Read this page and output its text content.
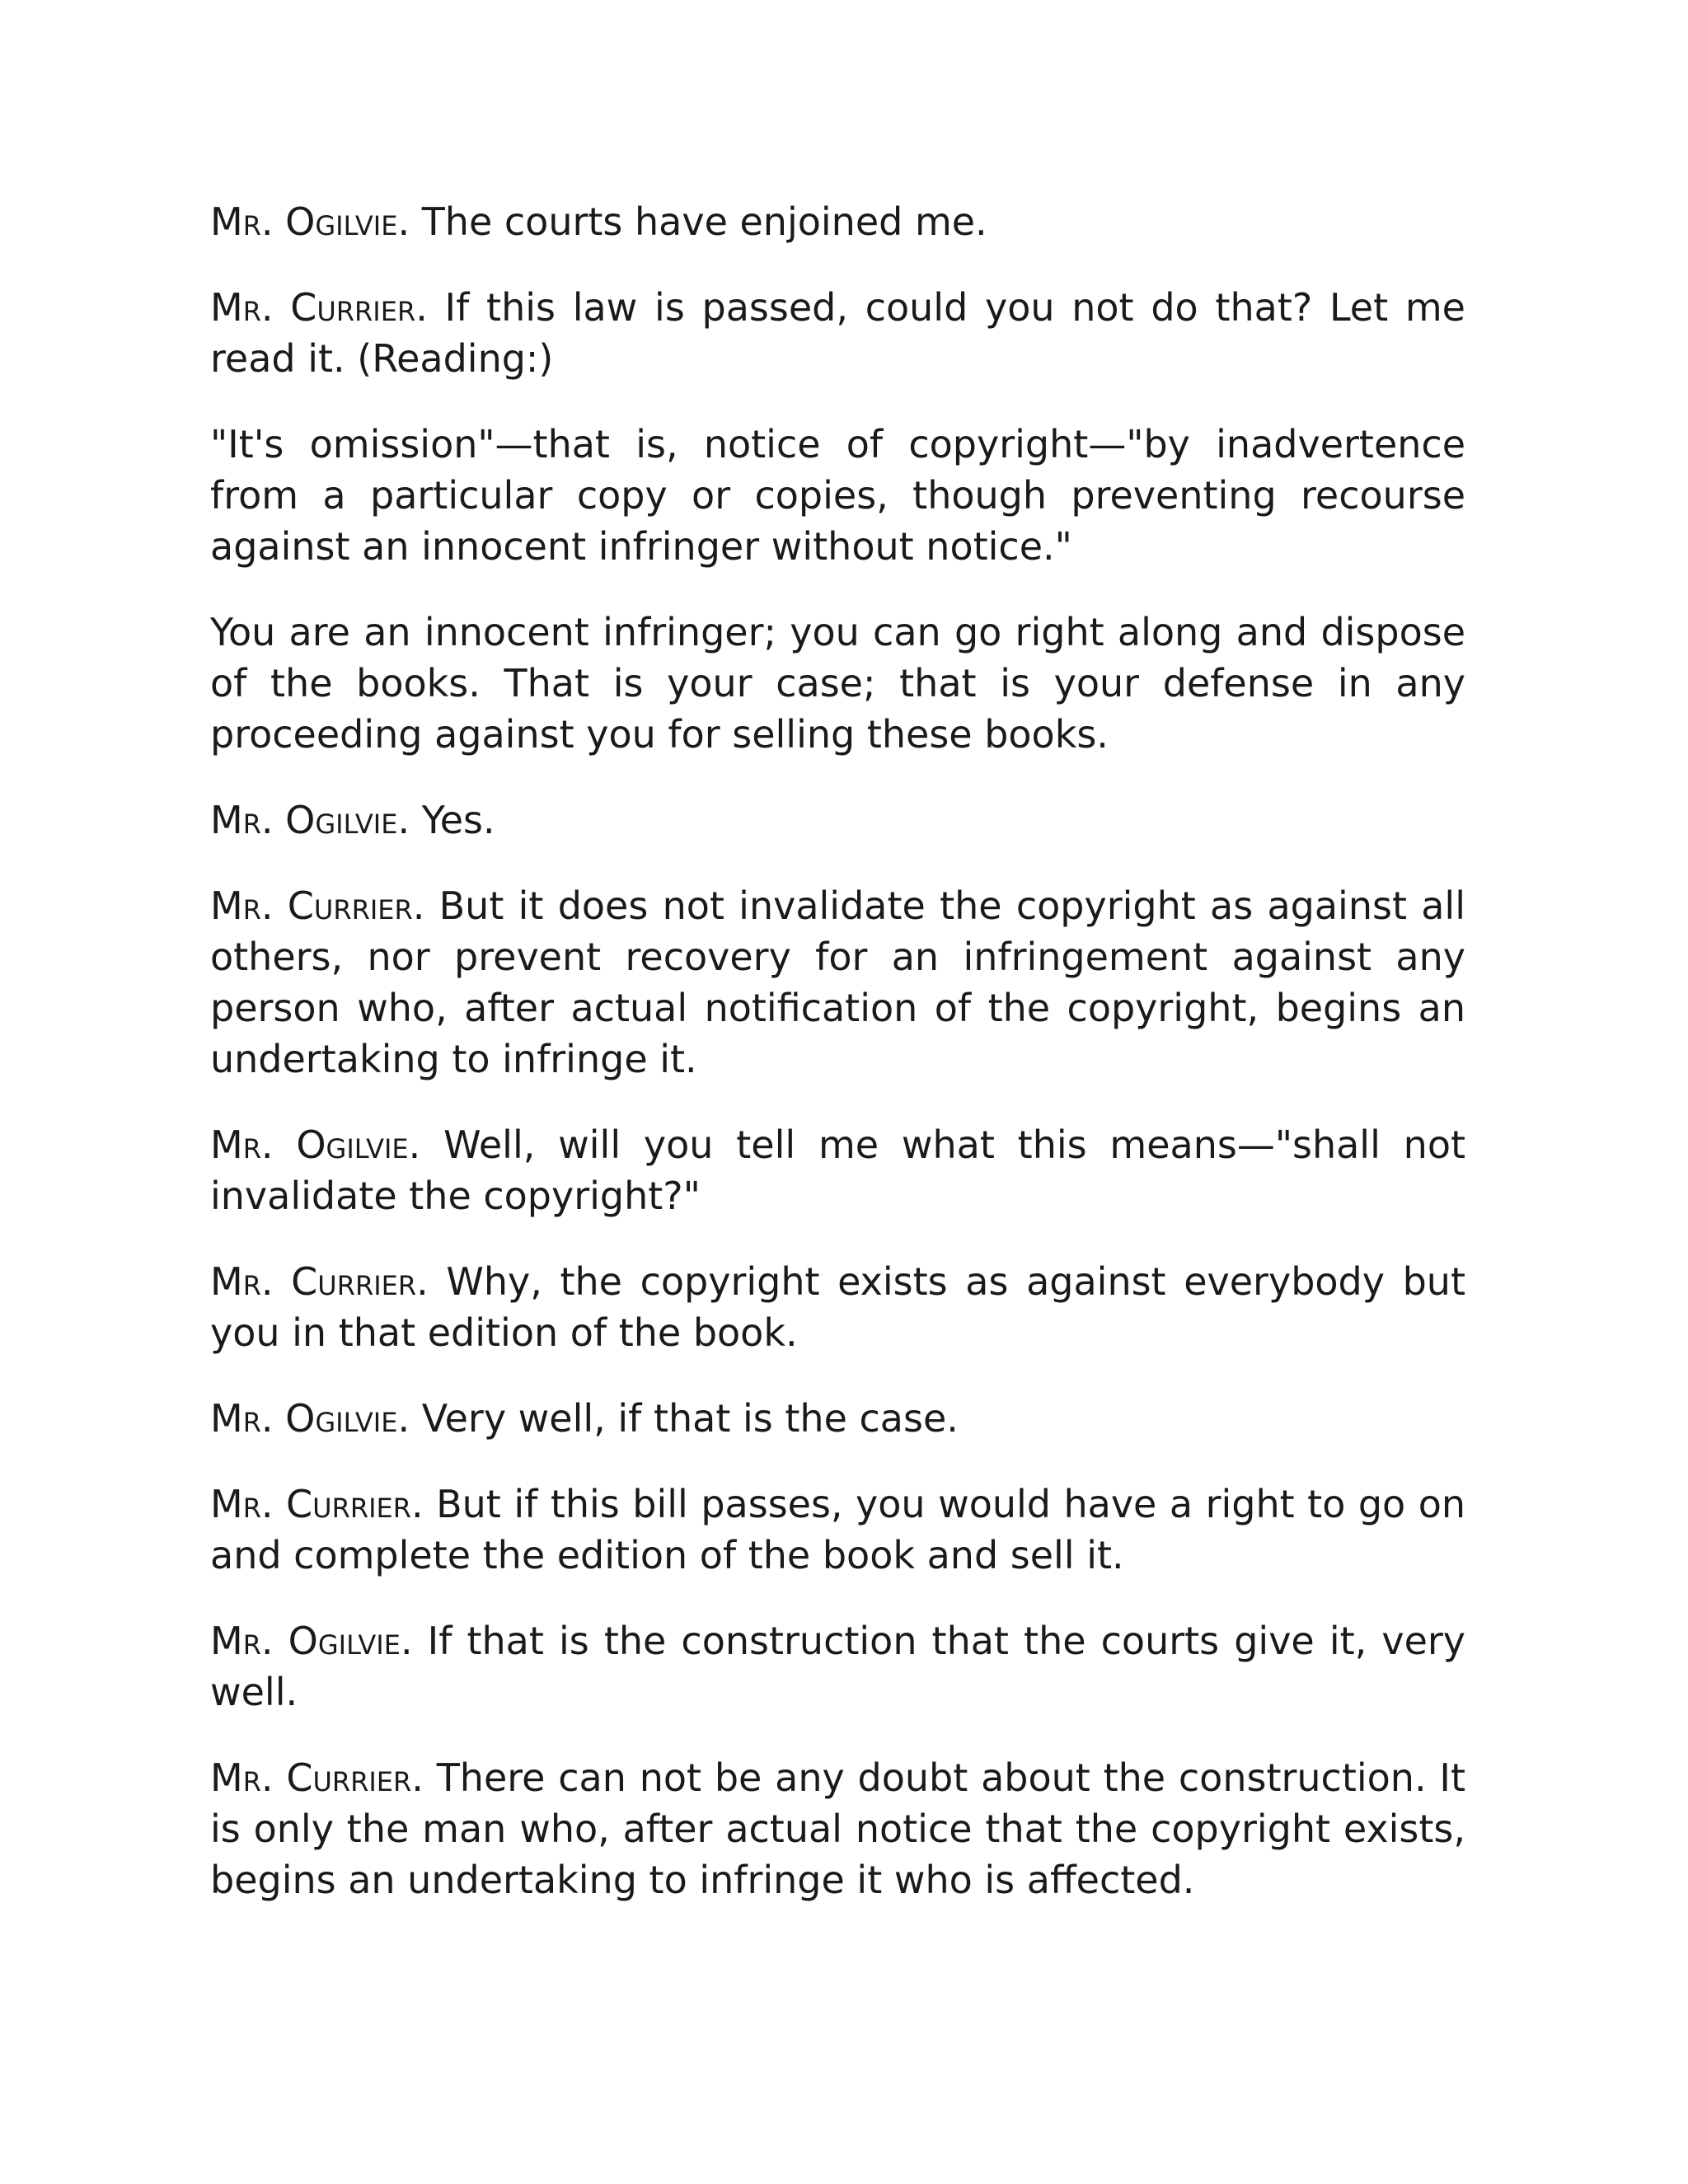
Mr. Ogilvie. The courts have enjoined me.

Mr. Currier. If this law is passed, could you not do that? Let me read it. (Reading:)

"It's omission"—that is, notice of copyright—"by inadvertence from a particular copy or copies, though preventing recourse against an innocent infringer without notice."

You are an innocent infringer; you can go right along and dispose of the books. That is your case; that is your defense in any proceeding against you for selling these books.

Mr. Ogilvie. Yes.

Mr. Currier. But it does not invalidate the copyright as against all others, nor prevent recovery for an infringement against any person who, after actual notification of the copyright, begins an undertaking to infringe it.

Mr. Ogilvie. Well, will you tell me what this means—"shall not invalidate the copyright?"

Mr. Currier. Why, the copyright exists as against everybody but you in that edition of the book.

Mr. Ogilvie. Very well, if that is the case.

Mr. Currier. But if this bill passes, you would have a right to go on and complete the edition of the book and sell it.

Mr. Ogilvie. If that is the construction that the courts give it, very well.

Mr. Currier. There can not be any doubt about the construction. It is only the man who, after actual notice that the copyright exists, begins an undertaking to infringe it who is affected.
